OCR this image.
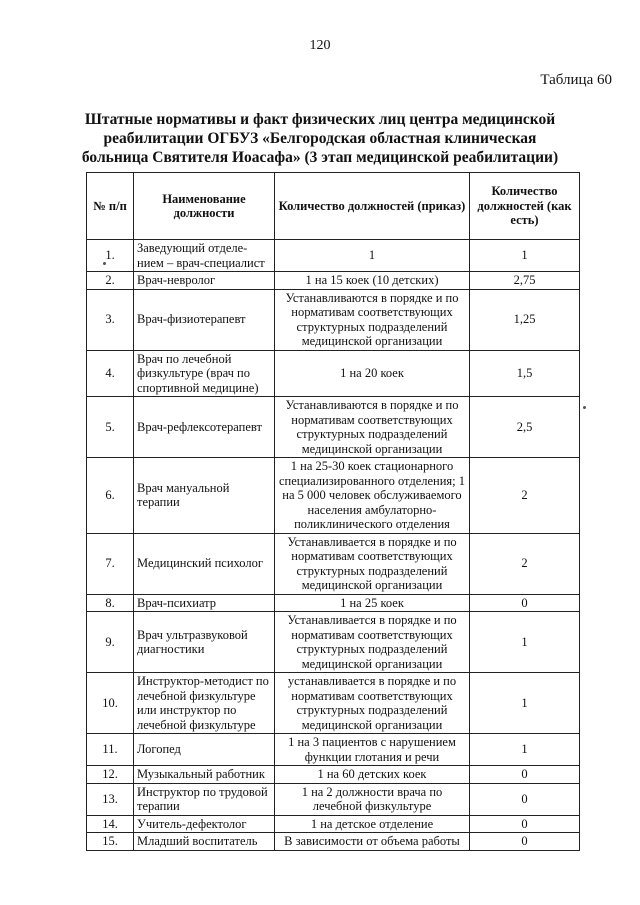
120
Таблица 60
Штатные нормативы и факт физических лиц центра медицинской реабилитации ОГБУЗ «Белгородская областная клиническая больница Святителя Иоасафа» (3 этап медицинской реабилитации)
№ п/п	Наименование должности	Количество должностей (приказ)	Количество должностей (как есть)
1.	Заведующий отделе-нием – врач-специалист	1	1
2.	Врач-невролог	1 на 15 коек (10 детских)	2,75
3.	Врач-физиотерапевт	Устанавливаются в порядке и по нормативам соответствующих структурных подразделений медицинской организации	1,25
4.	Врач по лечебной физкультуре (врач по спортивной медицине)	1 на 20 коек	1,5
5.	Врач-рефлексотерапевт	Устанавливаются в порядке и по нормативам соответствующих структурных подразделений медицинской организации	2,5
6.	Врач мануальной терапии	1 на 25-30 коек стационарного специализированного отделения; 1 на 5 000 человек обслуживаемого населения амбулаторно-поликлинического отделения	2
7.	Медицинский психолог	Устанавливается в порядке и по нормативам соответствующих структурных подразделений медицинской организации	2
8.	Врач-психиатр	1 на 25 коек	0
9.	Врач ультразвуковой диагностики	Устанавливается в порядке и по нормативам соответствующих структурных подразделений медицинской организации	1
10.	Инструктор-методист по лечебной физкультуре или инструктор по лечебной физкультуре	устанавливается в порядке и по нормативам соответствующих структурных подразделений медицинской организации	1
11.	Логопед	1 на 3 пациентов с нарушением функции глотания и речи	1
12.	Музыкальный работник	1 на 60 детских коек	0
13.	Инструктор по трудовой терапии	1 на 2 должности врача по лечебной физкультуре	0
14.	Учитель-дефектолог	1 на детское отделение	0
15.	Младший воспитатель	В зависимости от объема работы	0
